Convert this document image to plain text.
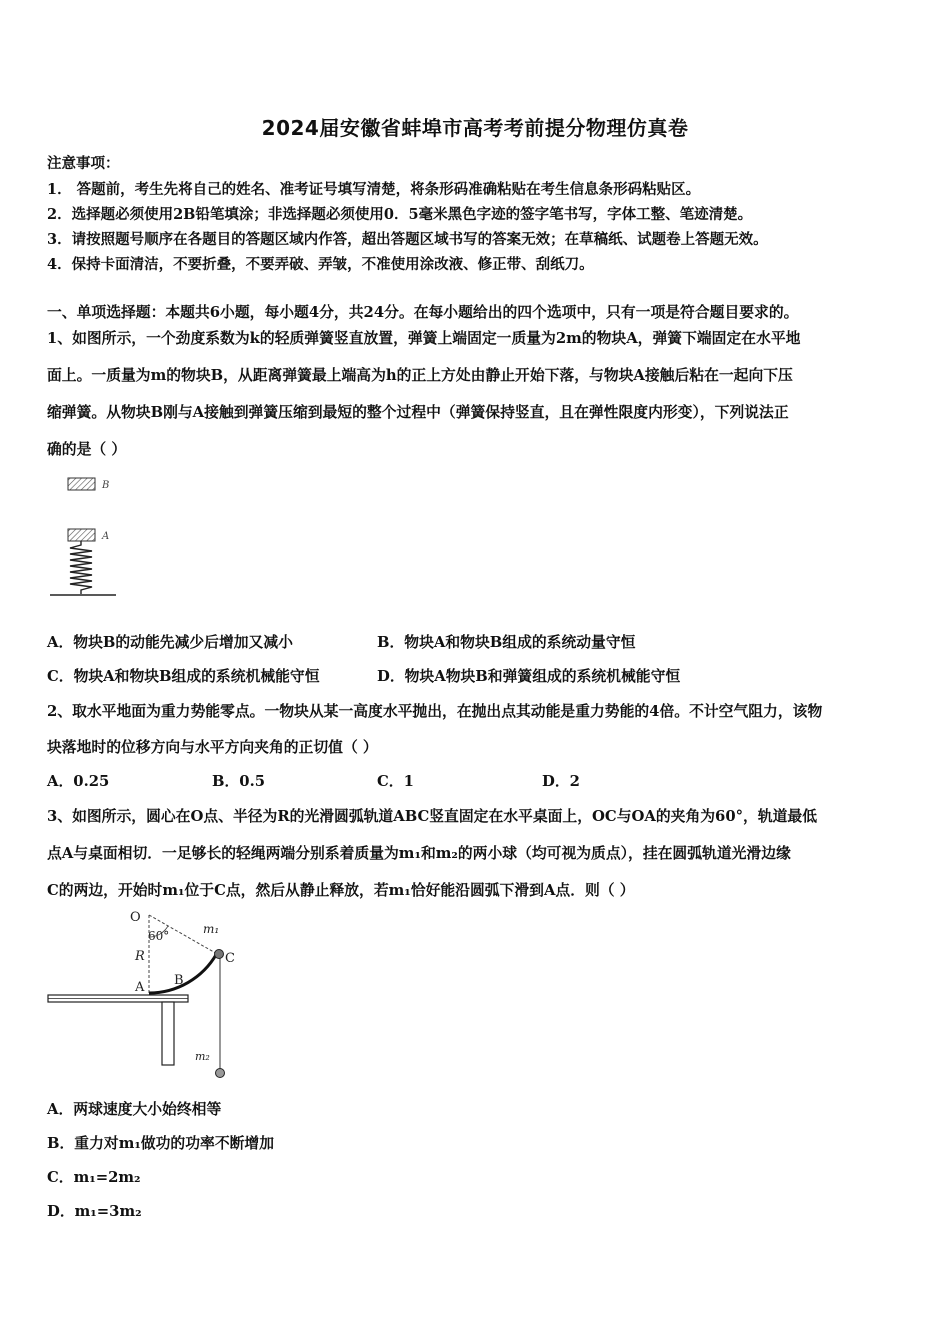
2024届安徽省蚌埠市高考考前提分物理仿真卷
注意事项：
1． 答题前，考生先将自己的姓名、准考证号填写清楚，将条形码准确粘贴在考生信息条形码粘贴区。
2．选择题必须使用2B铅笔填涂；非选择题必须使用0．5毫米黑色字迹的签字笔书写，字体工整、笔迹清楚。
3．请按照题号顺序在各题目的答题区域内作答，超出答题区域书写的答案无效；在草稿纸、试题卷上答题无效。
4．保持卡面清洁，不要折叠，不要弄破、弄皱，不准使用涂改液、修正带、刮纸刀。
一、单项选择题：本题共6小题，每小题4分，共24分。在每小题给出的四个选项中，只有一项是符合题目要求的。
1、如图所示，一个劲度系数为k的轻质弹簧竖直放置，弹簧上端固定一质量为2m的物块A，弹簧下端固定在水平地
面上。一质量为m的物块B，从距离弹簧最上端高为h的正上方处由静止开始下落，与物块A接触后粘在一起向下压
缩弹簧。从物块B刚与A接触到弹簧压缩到最短的整个过程中（弹簧保持竖直，且在弹性限度内形变），下列说法正
确的是（ ）
B
A
A．物块B的动能先减少后增加又减小	B．物块A和物块B组成的系统动量守恒
C．物块A和物块B组成的系统机械能守恒	D．物块A物块B和弹簧组成的系统机械能守恒
2、取水平地面为重力势能零点。一物块从某一高度水平抛出，在抛出点其动能是重力势能的4倍。不计空气阻力，该物
块落地时的位移方向与水平方向夹角的正切值（ ）
A．0.25	B．0.5	C．1	D．2
3、如图所示，圆心在O点、半径为R的光滑圆弧轨道ABC竖直固定在水平桌面上，OC与OA的夹角为60°，轨道最低
点A与桌面相切．一足够长的轻绳两端分别系着质量为m₁和m₂的两小球（均可视为质点），挂在圆弧轨道光滑边缘
C的两边，开始时m₁位于C点，然后从静止释放，若m₁恰好能沿圆弧下滑到A点．则（ ）
O
60°	m₁
R	C
B
A
m₂
A．两球速度大小始终相等
B．重力对m₁做功的功率不断增加
C．m₁=2m₂
D．m₁=3m₂
